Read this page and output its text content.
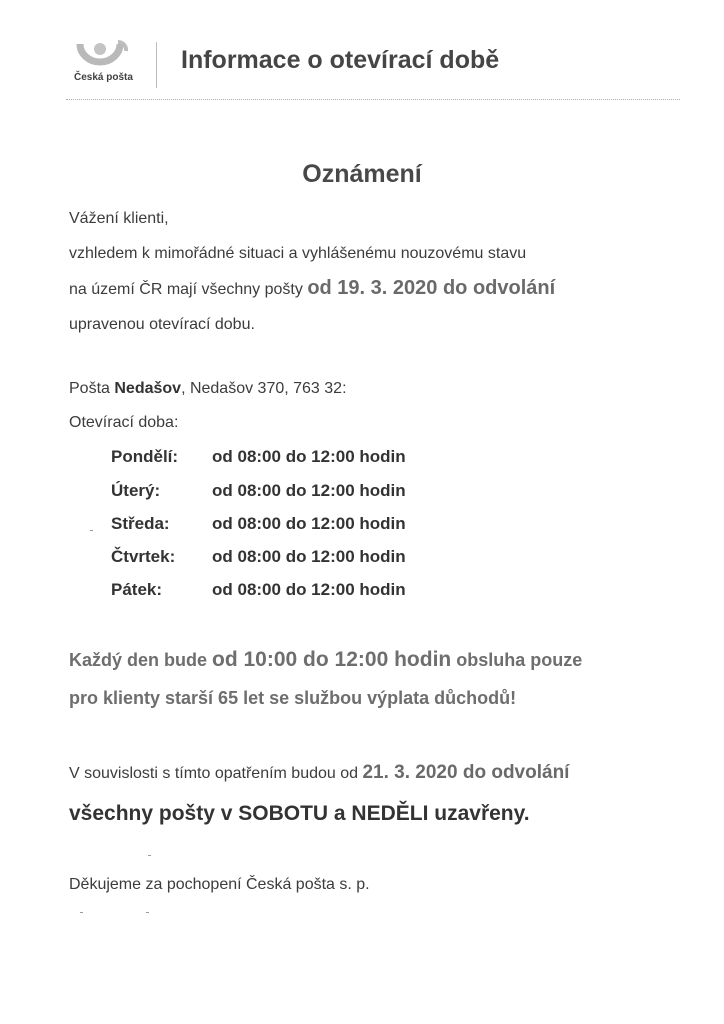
Česká pošta
Informace o otevírací době
Oznámení
Vážení klienti,
vzhledem k mimořádné situaci a vyhlášenému nouzovému stavu
na území ČR mají všechny pošty od 19. 3. 2020 do odvolání
upravenou otevírací dobu.
Pošta Nedašov, Nedašov 370, 763 32:
Otevírací doba:
Pondělí: od 08:00 do 12:00 hodin
Úterý:	od 08:00 do 12:00 hodin
Středa: od 08:00 do 12:00 hodin
Čtvrtek: od 08:00 do 12:00 hodin
Pátek:	od 08:00 do 12:00 hodin
Každý den bude od 10:00 do 12:00 hodin obsluha pouze
pro klienty starší 65 let se službou výplata důchodů!
V souvislosti s tímto opatřením budou od 21. 3. 2020 do odvolání
všechny pošty v SOBOTU a NEDĚLI uzavřeny.
Děkujeme za pochopení Česká pošta s. p.
